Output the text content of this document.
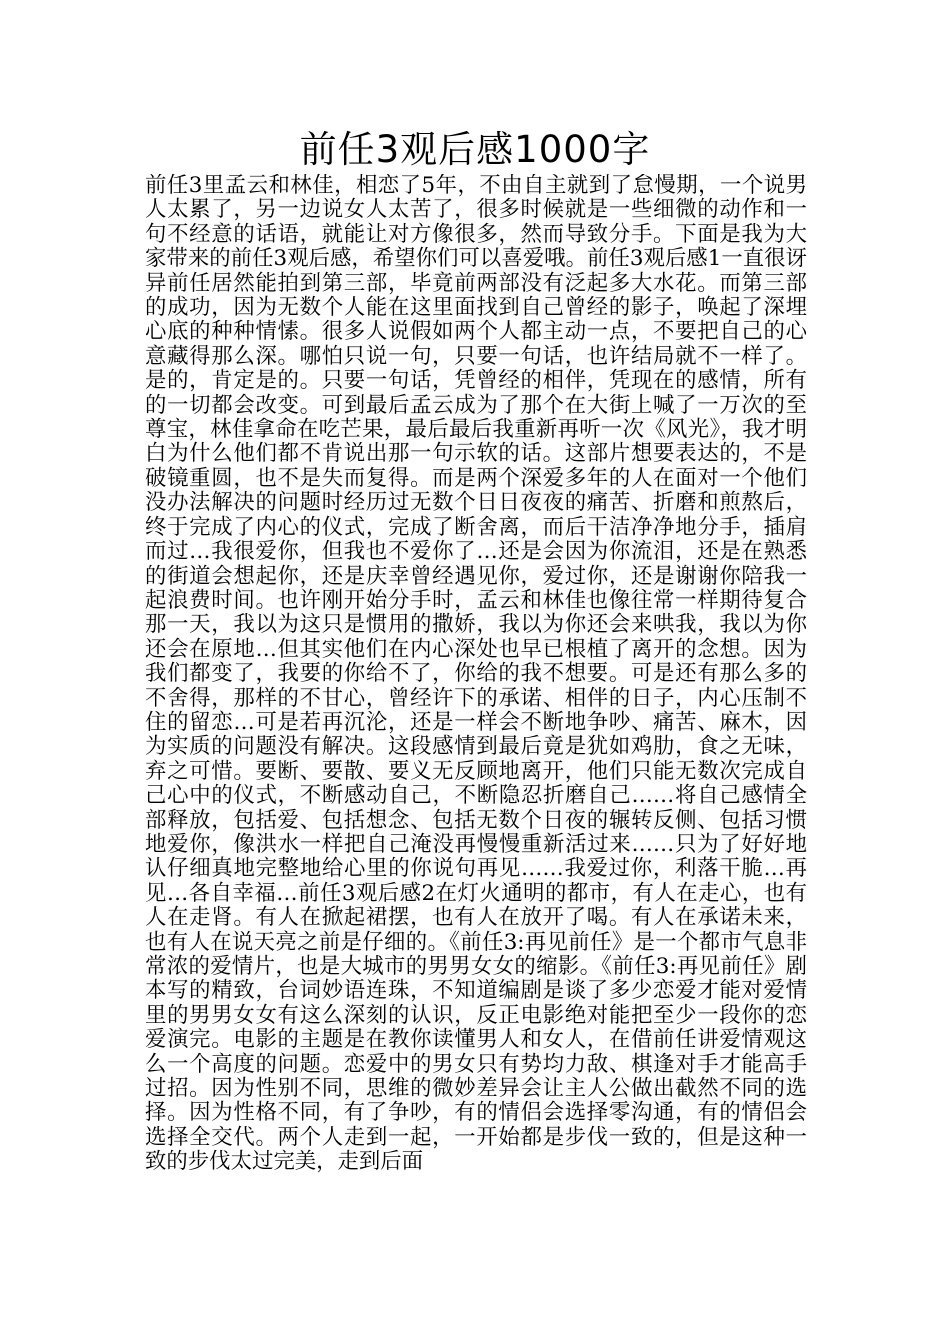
前任3观后感1000字

前任3里孟云和林佳，相恋了5年，不由自主就到了怠慢期，一个说男人太累了，另一边说女人太苦了，很多时候就是一些细微的动作和一句不经意的话语，就能让对方像很多，然而导致分手。下面是我为大家带来的前任3观后感，希望你们可以喜爱哦。前任3观后感1一直很讶异前任居然能拍到第三部，毕竟前两部没有泛起多大水花。而第三部的成功，因为无数个人能在这里面找到自己曾经的影子，唤起了深埋心底的种种情愫。很多人说假如两个人都主动一点，不要把自己的心意藏得那么深。哪怕只说一句，只要一句话，也许结局就不一样了。是的，肯定是的。只要一句话，凭曾经的相伴，凭现在的感情，所有的一切都会改变。可到最后孟云成为了那个在大街上喊了一万次的至尊宝，林佳拿命在吃芒果，最后最后我重新再听一次《风光》，我才明白为什么他们都不肯说出那一句示软的话。这部片想要表达的，不是破镜重圆，也不是失而复得。而是两个深爱多年的人在面对一个他们没办法解决的问题时经历过无数个日日夜夜的痛苦、折磨和煎熬后，终于完成了内心的仪式，完成了断舍离，而后干洁净净地分手，插肩而过…我很爱你，但我也不爱你了…还是会因为你流泪，还是在熟悉的街道会想起你，还是庆幸曾经遇见你，爱过你，还是谢谢你陪我一起浪费时间。也许刚开始分手时，孟云和林佳也像往常一样期待复合那一天，我以为这只是惯用的撒娇，我以为你还会来哄我，我以为你还会在原地…但其实他们在内心深处也早已根植了离开的念想。因为我们都变了，我要的你给不了，你给的我不想要。可是还有那么多的不舍得，那样的不甘心，曾经许下的承诺、相伴的日子，内心压制不住的留恋…可是若再沉沦，还是一样会不断地争吵、痛苦、麻木，因为实质的问题没有解决。这段感情到最后竟是犹如鸡肋，食之无味，弃之可惜。要断、要散、要义无反顾地离开，他们只能无数次完成自己心中的仪式，不断感动自己，不断隐忍折磨自己……将自己感情全部释放，包括爱、包括想念、包括无数个日夜的辗转反侧、包括习惯地爱你，像洪水一样把自己淹没再慢慢重新活过来……只为了好好地认仔细真地完整地给心里的你说句再见……我爱过你，利落干脆…再见…各自幸福…前任3观后感2在灯火通明的都市，有人在走心，也有人在走肾。有人在掀起裙摆，也有人在放开了喝。有人在承诺未来，也有人在说天亮之前是仔细的。《前任3:再见前任》是一个都市气息非常浓的爱情片，也是大城市的男男女女的缩影。《前任3:再见前任》剧本写的精致，台词妙语连珠，不知道编剧是谈了多少恋爱才能对爱情里的男男女女有这么深刻的认识，反正电影绝对能把至少一段你的恋爱演完。电影的主题是在教你读懂男人和女人，在借前任讲爱情观这么一个高度的问题。恋爱中的男女只有势均力敌、棋逢对手才能高手过招。因为性别不同，思维的微妙差异会让主人公做出截然不同的选择。因为性格不同，有了争吵，有的情侣会选择零沟通，有的情侣会选择全交代。两个人走到一起，一开始都是步伐一致的，但是这种一致的步伐太过完美，走到后面
